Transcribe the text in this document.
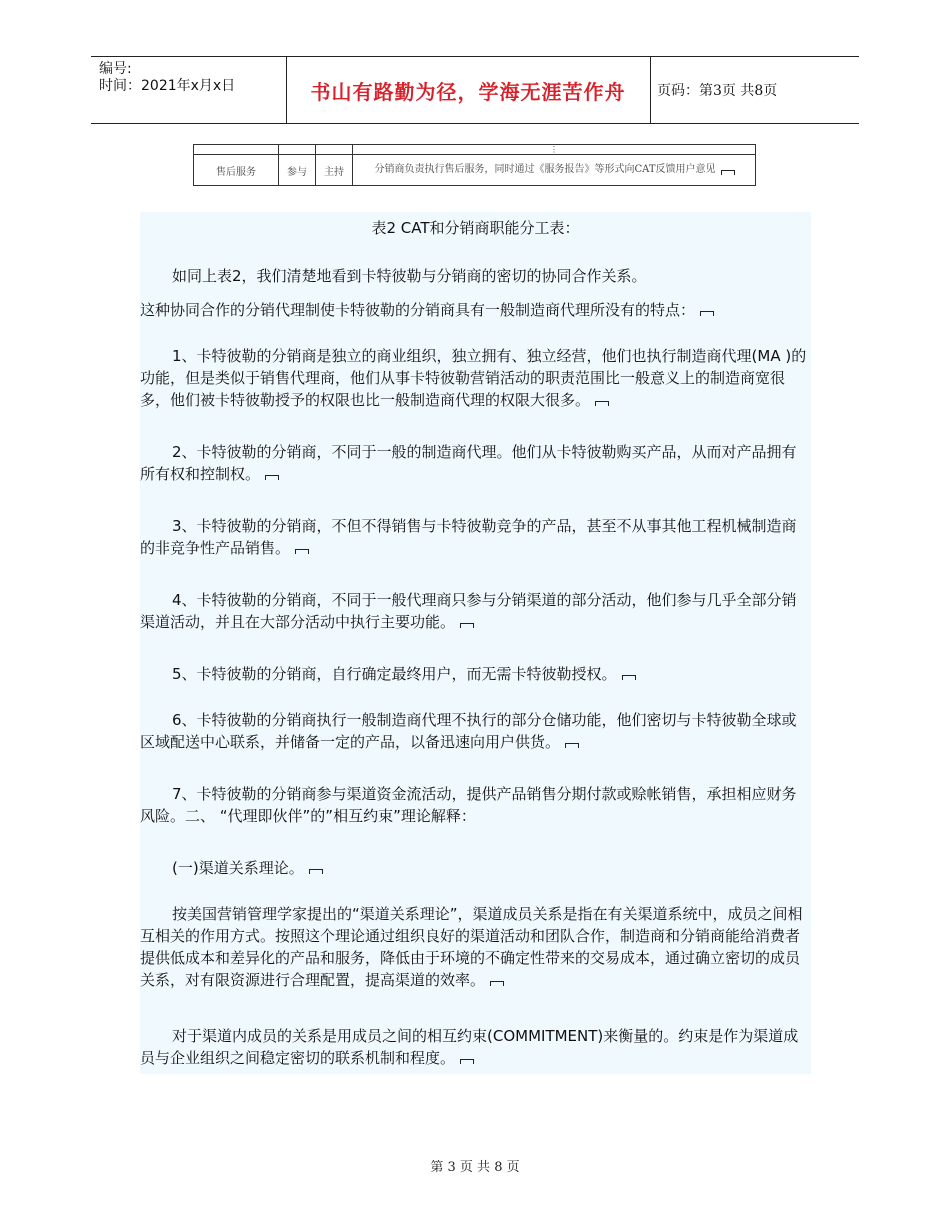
编号:
时间：2021年x月x日	书山有路勤为径，学海无涯苦作舟	页码：第3页 共8页
			⋮
售后服务	参与	主持	分销商负责执行售后服务，同时通过《服务报告》等形式向CAT反馈用户意见

表2 CAT和分销商职能分工表：

如同上表2，我们清楚地看到卡特彼勒与分销商的密切的协同合作关系。

这种协同合作的分销代理制使卡特彼勒的分销商具有一般制造商代理所没有的特点：

1、卡特彼勒的分销商是独立的商业组织，独立拥有、独立经营，他们也执行制造商代理(MA )的功能，但是类似于销售代理商，他们从事卡特彼勒营销活动的职责范围比一般意义上的制造商宽很多，他们被卡特彼勒授予的权限也比一般制造商代理的权限大很多。

2、卡特彼勒的分销商，不同于一般的制造商代理。他们从卡特彼勒购买产品，从而对产品拥有所有权和控制权。

3、卡特彼勒的分销商，不但不得销售与卡特彼勒竞争的产品，甚至不从事其他工程机械制造商的非竞争性产品销售。

4、卡特彼勒的分销商，不同于一般代理商只参与分销渠道的部分活动，他们参与几乎全部分销渠道活动，并且在大部分活动中执行主要功能。

5、卡特彼勒的分销商，自行确定最终用户，而无需卡特彼勒授权。

6、卡特彼勒的分销商执行一般制造商代理不执行的部分仓储功能，他们密切与卡特彼勒全球或区域配送中心联系，并储备一定的产品，以备迅速向用户供货。

7、卡特彼勒的分销商参与渠道资金流活动，提供产品销售分期付款或赊帐销售，承担相应财务风险。二、 “代理即伙伴”的”相互约束”理论解释：

(一)渠道关系理论。

按美国营销管理学家提出的“渠道关系理论”，渠道成员关系是指在有关渠道系统中，成员之间相互相关的作用方式。按照这个理论通过组织良好的渠道活动和团队合作，制造商和分销商能给消费者提供低成本和差异化的产品和服务，降低由于环境的不确定性带来的交易成本，通过确立密切的成员关系，对有限资源进行合理配置，提高渠道的效率。

对于渠道内成员的关系是用成员之间的相互约束(COMMITMENT)来衡量的。约束是作为渠道成员与企业组织之间稳定密切的联系机制和程度。

第 3 页 共 8 页
